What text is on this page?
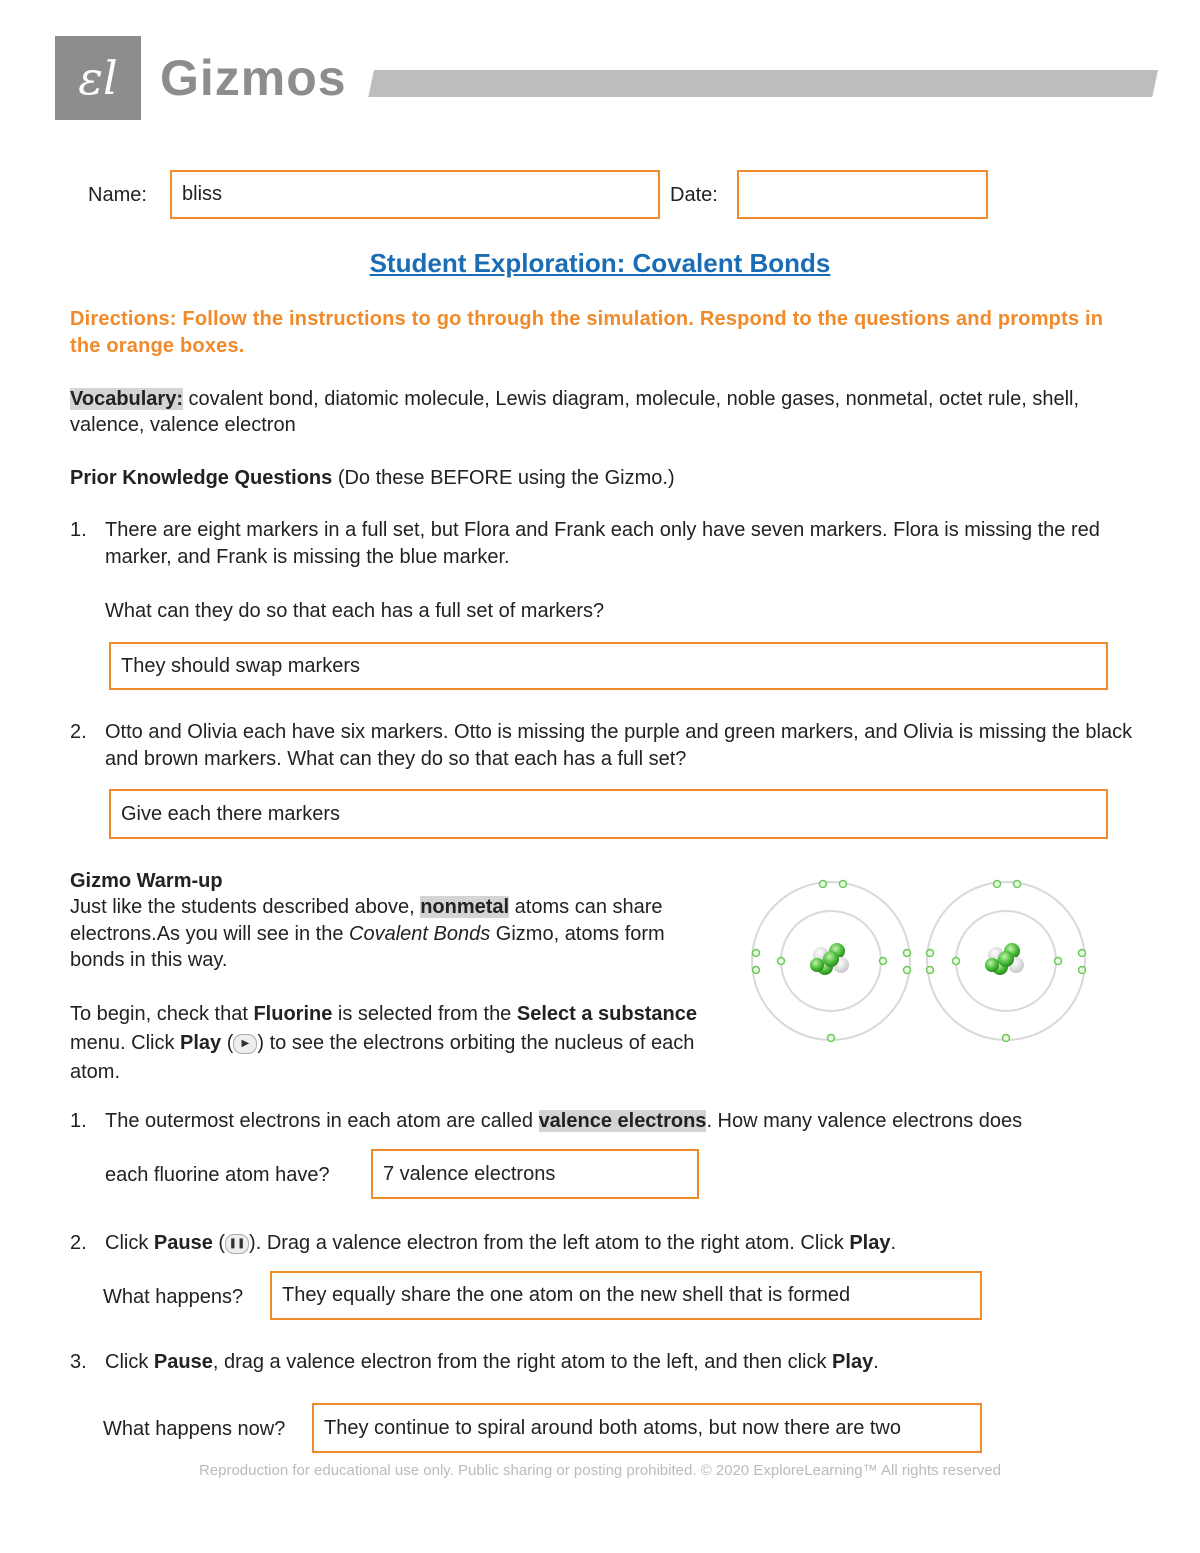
ɛl Gizmos
Name:	bliss	Date:
Student Exploration: Covalent Bonds
Directions: Follow the instructions to go through the simulation. Respond to the questions and prompts in the orange boxes.
Vocabulary: covalent bond, diatomic molecule, Lewis diagram, molecule, noble gases, nonmetal, octet rule, shell, valence, valence electron
Prior Knowledge Questions (Do these BEFORE using the Gizmo.)
1. There are eight markers in a full set, but Flora and Frank each only have seven markers. Flora is missing the red marker, and Frank is missing the blue marker.
What can they do so that each has a full set of markers?
They should swap markers
2. Otto and Olivia each have six markers. Otto is missing the purple and green markers, and Olivia is missing the black and brown markers. What can they do so that each has a full set?
Give each there markers
Gizmo Warm-up
Just like the students described above, nonmetal atoms can share electrons.As you will see in the Covalent Bonds Gizmo, atoms form bonds in this way.
To begin, check that Fluorine is selected from the Select a substance menu. Click Play ( ▶ ) to see the electrons orbiting the nucleus of each atom.
1. The outermost electrons in each atom are called valence electrons. How many valence electrons does
each fluorine atom have?	7 valence electrons
2. Click Pause ( ❚❚ ). Drag a valence electron from the left atom to the right atom. Click Play.
What happens?	They equally share the one atom on the new shell that is formed
3. Click Pause, drag a valence electron from the right atom to the left, and then click Play.
What happens now?	They continue to spiral around both atoms, but now there are two
Reproduction for educational use only. Public sharing or posting prohibited. © 2020 ExploreLearning™ All rights reserved
